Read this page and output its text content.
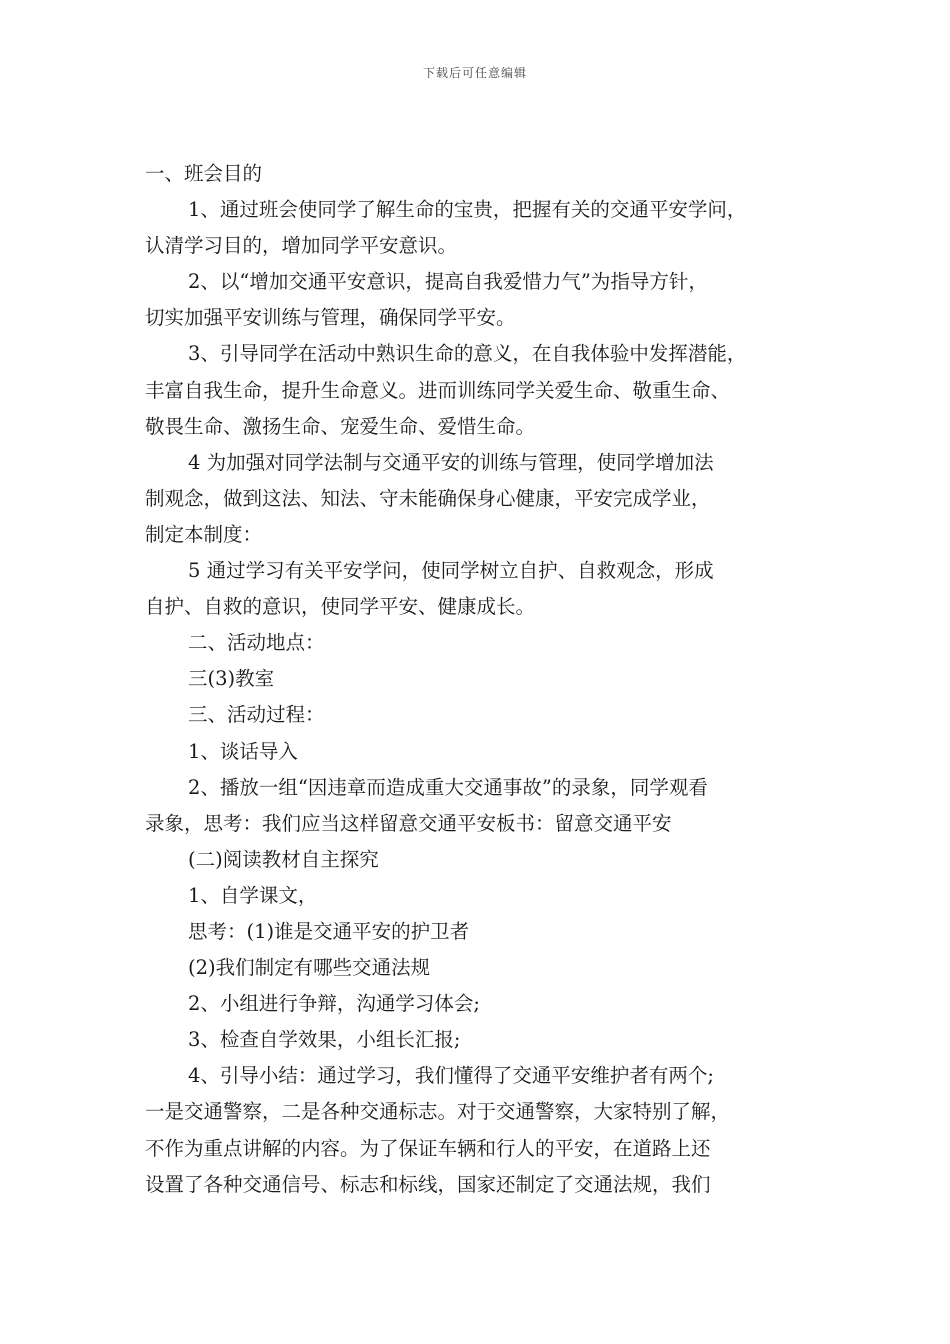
下载后可任意编辑
一、班会目的
1、通过班会使同学了解生命的宝贵，把握有关的交通平安学问，
认清学习目的，增加同学平安意识。
2、以“增加交通平安意识，提高自我爱惜力气”为指导方针，
切实加强平安训练与管理，确保同学平安。
3、引导同学在活动中熟识生命的意义，在自我体验中发挥潜能，
丰富自我生命，提升生命意义。进而训练同学关爱生命、敬重生命、
敬畏生命、激扬生命、宠爱生命、爱惜生命。
4 为加强对同学法制与交通平安的训练与管理，使同学增加法
制观念，做到这法、知法、守未能确保身心健康，平安完成学业，
制定本制度：
5 通过学习有关平安学问，使同学树立自护、自救观念，形成
自护、自救的意识，使同学平安、健康成长。
二、活动地点：
三(3)教室
三、活动过程：
1、谈话导入
2、播放一组“因违章而造成重大交通事故”的录象，同学观看
录象，思考：我们应当这样留意交通平安板书：留意交通平安
(二)阅读教材自主探究
1、自学课文，
思考：(1)谁是交通平安的护卫者
(2)我们制定有哪些交通法规
2、小组进行争辩，沟通学习体会;
3、检查自学效果，小组长汇报;
4、引导小结：通过学习，我们懂得了交通平安维护者有两个;
一是交通警察，二是各种交通标志。对于交通警察，大家特别了解，
不作为重点讲解的内容。为了保证车辆和行人的平安，在道路上还
设置了各种交通信号、标志和标线，国家还制定了交通法规，我们
